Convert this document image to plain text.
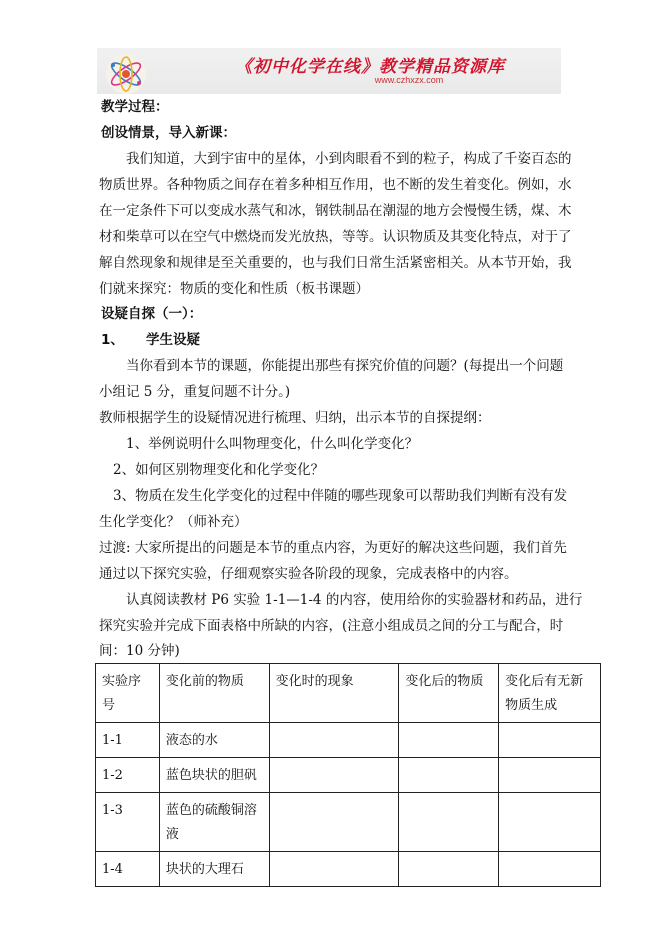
《初中化学在线》教学精品资源库
www.czhxzx.com
教学过程：
创设情景，导入新课：
我们知道，大到宇宙中的星体，小到肉眼看不到的粒子，构成了千姿百态的
物质世界。各种物质之间存在着多种相互作用，也不断的发生着变化。例如，水
在一定条件下可以变成水蒸气和冰，钢铁制品在潮湿的地方会慢慢生锈，煤、木
材和柴草可以在空气中燃烧而发光放热，等等。认识物质及其变化特点，对于了
解自然现象和规律是至关重要的，也与我们日常生活紧密相关。从本节开始，我
们就来探究：物质的变化和性质（板书课题）
设疑自探（一）：
1、 学生设疑
当你看到本节的课题，你能提出那些有探究价值的问题？(每提出一个问题
小组记 5 分，重复问题不计分。)
教师根据学生的设疑情况进行梳理、归纳，出示本节的自探提纲：
1、举例说明什么叫物理变化，什么叫化学变化？
2、如何区别物理变化和化学变化？
3、物质在发生化学变化的过程中伴随的哪些现象可以帮助我们判断有没有发
生化学变化？（师补充）
过渡: 大家所提出的问题是本节的重点内容，为更好的解决这些问题，我们首先
通过以下探究实验，仔细观察实验各阶段的现象，完成表格中的内容。
认真阅读教材 P6 实验 1-1—1-4 的内容，使用给你的实验器材和药品，进行
探究实验并完成下面表格中所缺的内容，(注意小组成员之间的分工与配合，时
间：10 分钟)
实验序号	变化前的物质	变化时的现象	变化后的物质	变化后有无新物质生成
1-1	液态的水			
1-2	蓝色块状的胆矾			
1-3	蓝色的硫酸铜溶液			
1-4	块状的大理石			
